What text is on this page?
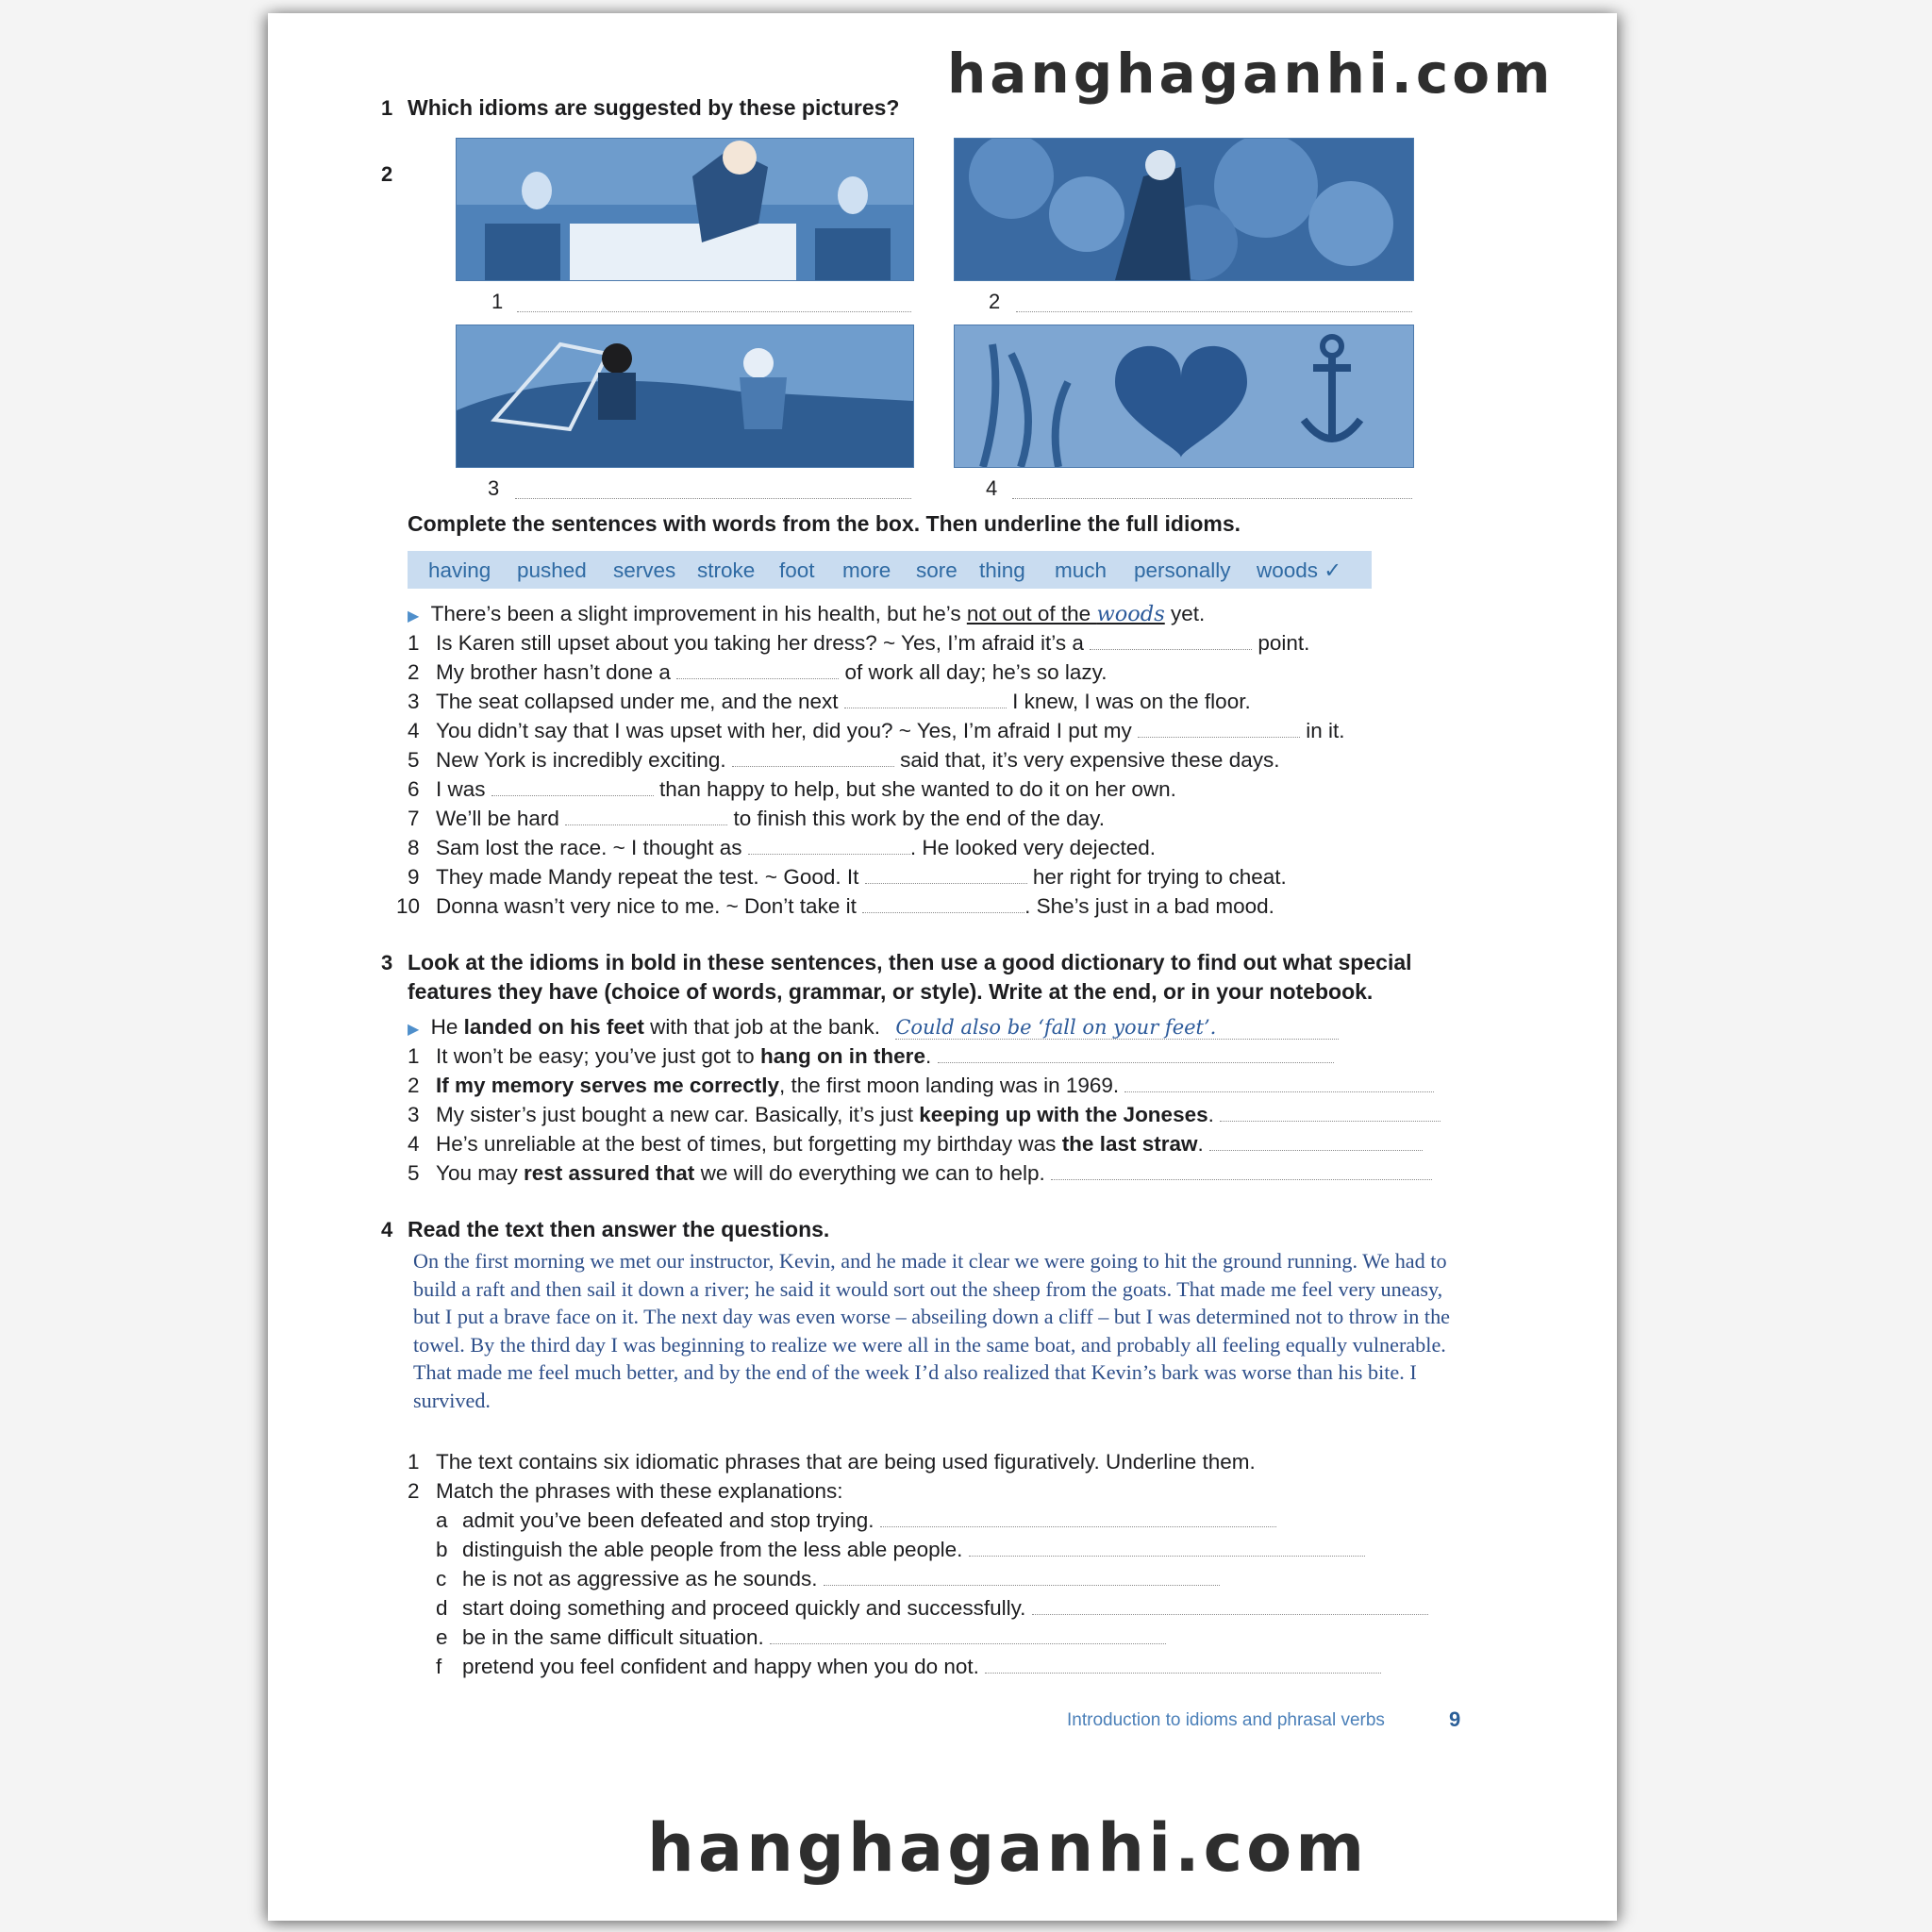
hanghaganhi.com
1 Which idioms are suggested by these pictures?
1	2
3	4
2
Complete the sentences with words from the box. Then underline the full idioms.
having pushed serves stroke foot more sore thing much personally woods ✓
▶ There’s been a slight improvement in his health, but he’s not out of the woods yet.
1 Is Karen still upset about you taking her dress? ~ Yes, I’m afraid it’s a	point.
2 My brother hasn’t done a	of work all day; he’s so lazy.
3 The seat collapsed under me, and the next	I knew, I was on the floor.
4 You didn’t say that I was upset with her, did you? ~ Yes, I’m afraid I put my	in it.
5 New York is incredibly exciting.	said that, it’s very expensive these days.
6 I was	than happy to help, but she wanted to do it on her own.
7 We’ll be hard	to finish this work by the end of the day.
8 Sam lost the race. ~ I thought as	. He looked very dejected.
9 They made Mandy repeat the test. ~ Good. It	her right for trying to cheat.
10 Donna wasn’t very nice to me. ~ Don’t take it	. She’s just in a bad mood.
3 Look at the idioms in bold in these sentences, then use a good dictionary to find out what special
features they have (choice of words, grammar, or style). Write at the end, or in your notebook.
▶ He landed on his feet with that job at the bank. Could also be ‘fall on your feet’.
1 It won’t be easy; you’ve just got to hang on in there.
2 If my memory serves me correctly, the first moon landing was in 1969.
3 My sister’s just bought a new car. Basically, it’s just keeping up with the Joneses.
4 He’s unreliable at the best of times, but forgetting my birthday was the last straw.
5 You may rest assured that we will do everything we can to help.
4 Read the text then answer the questions.
On the first morning we met our instructor, Kevin, and he made it clear we were going to hit the ground running. We had to build a raft and then sail it down a river; he said it would sort out the sheep from the goats. That made me feel very uneasy, but I put a brave face on it. The next day was even worse – abseiling down a cliff – but I was determined not to throw in the towel. By the third day I was beginning to realize we were all in the same boat, and probably all feeling equally vulnerable. That made me feel much better, and by the end of the week I’d also realized that Kevin’s bark was worse than his bite. I survived.
1 The text contains six idiomatic phrases that are being used figuratively. Underline them.
2 Match the phrases with these explanations:
a admit you’ve been defeated and stop trying.
b distinguish the able people from the less able people.
c he is not as aggressive as he sounds.
d start doing something and proceed quickly and successfully.
e be in the same difficult situation.
f pretend you feel confident and happy when you do not.
Introduction to idioms and phrasal verbs	9
hanghaganhi.com
